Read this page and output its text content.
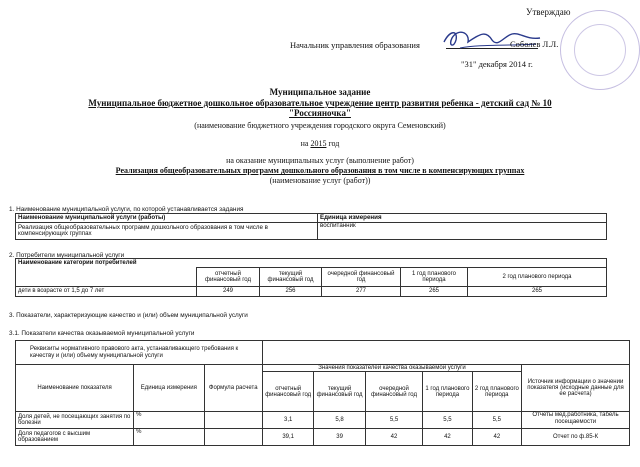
Утверждаю
Начальник управления образования	Соболев Л.Л.
"31" декабря 2014 г.
Муниципальное задание
Муниципальное бюджетное дошкольное образовательное учреждение центр развития ребенка - детский сад № 10
"Россияночка"
(наименование бюджетного учреждения городского округа Семеновский)
на 2015 год
на оказание муниципальных услуг (выполнение работ)
Реализация общеобразовательных программ дошкольного образования в том числе в компенсирующих группах
(наименование услуг (работ))
1. Наименование муниципальной услуги, по которой устанавливается задания
Наименование муниципальной услуги (работы)	Единица измерения
Реализация общеобразовательных программ дошкольного образования в том числе в компенсирующих группах	воспитанник
2. Потребители муниципальной услуги
Наименование категории потребителей					
	отчетный финансовый год	текущий финансовый год	очередной финансовый год	1 год планового периода	2 год планового периода
дети в возрасте от 1,5 до 7 лет	249	256	277	265	265
3. Показатели, характеризующие качество и (или) объем муниципальной услуги
3.1. Показатели качества оказываемой муниципальной услуги
Реквизиты нормативного правового акта, устанавливающего требования к качеству и (или) объему муниципальной услуги								
Наименование показателя	Единица измерения	Формула расчета	Значения показателей качества оказываемой услуги					Источник информации о значении показателя (исходные данные для ее расчета)
			отчетный финансовый год	текущий финансовый год	очередной финансовый год	1 год планового периода	2 год планового периода	
Доля детей, не посещающих занятия по болезни	%		3,1	5,8	5,5	5,5	5,5	Отчеты мед.работника, табель посещаемости
Доля педагогов с высшим образованием	%		39,1	39	42	42	42	Отчет по ф.85-К
